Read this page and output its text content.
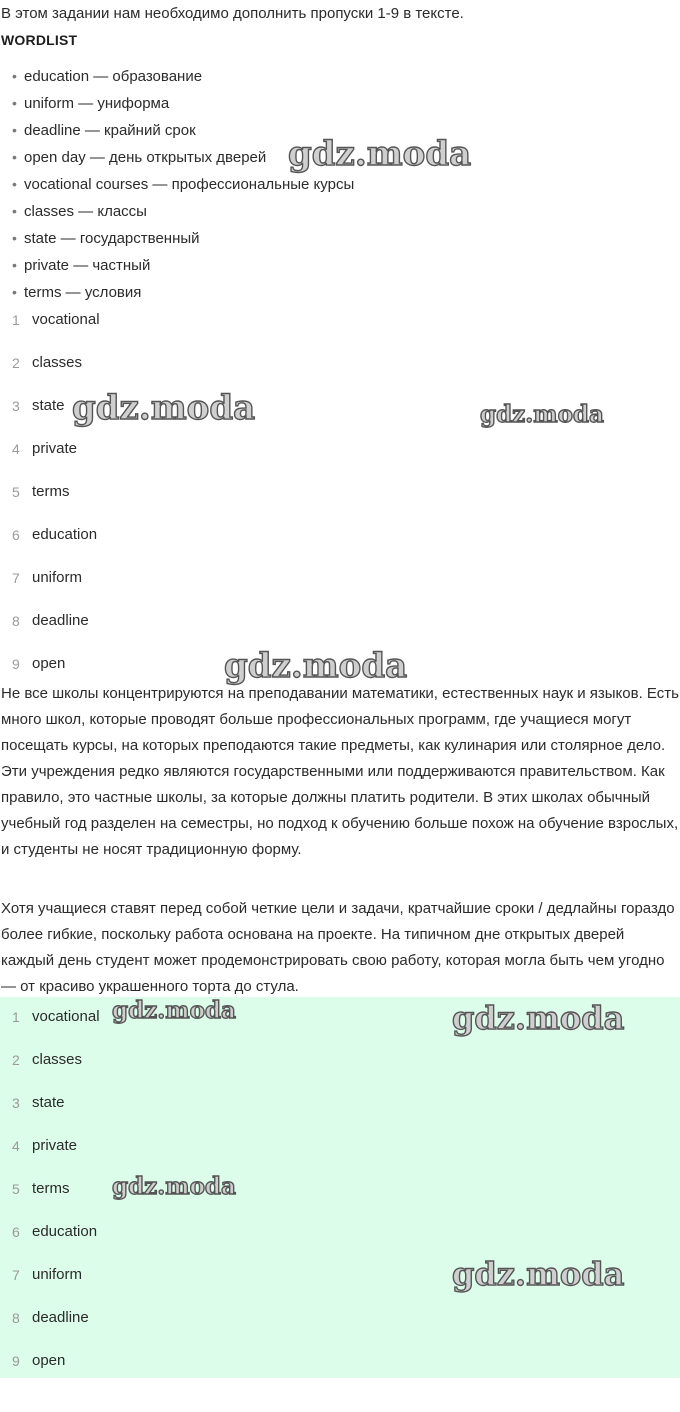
В этом задании нам необходимо дополнить пропуски 1-9 в тексте.
WORDLIST
• education — образование
• uniform — униформа
• deadline — крайний срок
• open day — день открытых дверей
• vocational courses — профессиональные курсы
• classes — классы
• state — государственный
• private — частный
• terms — условия
1 vocational
2 classes
3 state
4 private
5 terms
6 education
7 uniform
8 deadline
9 open

Не все школы концентрируются на преподавании математики, естественных наук и языков. Есть много школ, которые проводят больше профессиональных программ, где учащиеся могут посещать курсы, на которых преподаются такие предметы, как кулинария или столярное дело. Эти учреждения редко являются государственными или поддерживаются правительством. Как правило, это частные школы, за которые должны платить родители. В этих школах обычный учебный год разделен на семестры, но подход к обучению больше похож на обучение взрослых, и студенты не носят традиционную форму.

Хотя учащиеся ставят перед собой четкие цели и задачи, кратчайшие сроки / дедлайны гораздо более гибкие, поскольку работа основана на проекте. На типичном дне открытых дверей каждый день студент может продемонстрировать свою работу, которая могла быть чем угодно — от красиво украшенного торта до стула.

1 vocational
2 classes
3 state
4 private
5 terms
6 education
7 uniform
8 deadline
9 open
gdz.moda
gdz.moda	gdz.moda
gdz.moda
gdz.moda	gdz.moda
gdz.moda
gdz.moda
